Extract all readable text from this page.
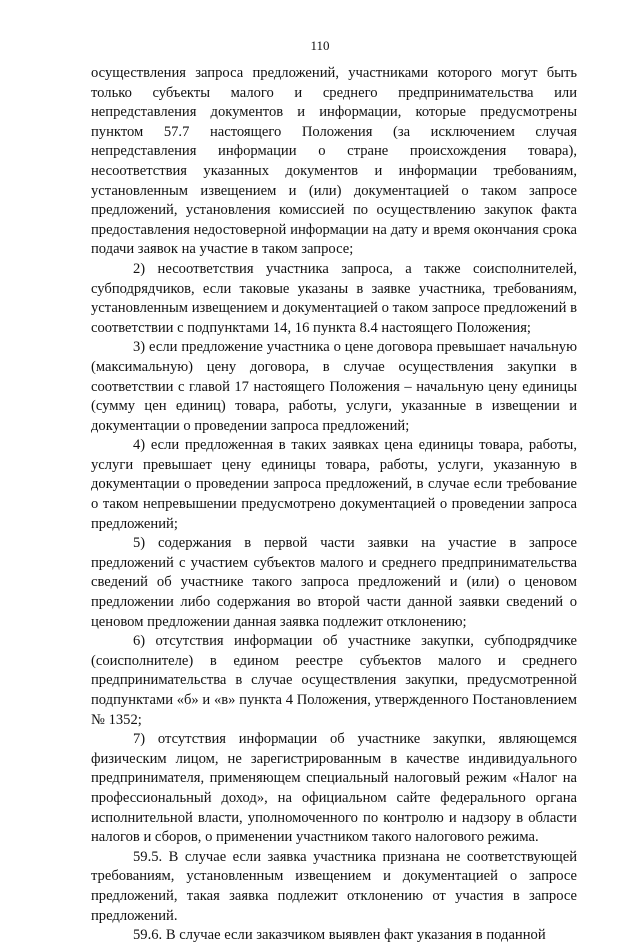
110

осуществления запроса предложений, участниками которого могут быть только субъекты малого и среднего предпринимательства или непредставления документов и информации, которые предусмотрены пунктом 57.7 настоящего Положения (за исключением случая непредставления информации о стране происхождения товара), несоответствия указанных документов и информации требованиям, установленным извещением и (или) документацией о таком запросе предложений, установления комиссией по осуществлению закупок факта предоставления недостоверной информации на дату и время окончания срока подачи заявок на участие в таком запросе;

2) несоответствия участника запроса, а также соисполнителей, субподрядчиков, если таковые указаны в заявке участника, требованиям, установленным извещением и документацией о таком запросе предложений в соответствии с подпунктами 14, 16 пункта 8.4 настоящего Положения;

3) если предложение участника о цене договора превышает начальную (максимальную) цену договора, в случае осуществления закупки в соответствии с главой 17 настоящего Положения – начальную цену единицы (сумму цен единиц) товара, работы, услуги, указанные в извещении и документации о проведении запроса предложений;

4) если предложенная в таких заявках цена единицы товара, работы, услуги превышает цену единицы товара, работы, услуги, указанную в документации о проведении запроса предложений, в случае если требование о таком непревышении предусмотрено документацией о проведении запроса предложений;

5) содержания в первой части заявки на участие в запросе предложений с участием субъектов малого и среднего предпринимательства сведений об участнике такого запроса предложений и (или) о ценовом предложении либо содержания во второй части данной заявки сведений о ценовом предложении данная заявка подлежит отклонению;

6) отсутствия информации об участнике закупки, субподрядчике (соисполнителе) в едином реестре субъектов малого и среднего предпринимательства в случае осуществления закупки, предусмотренной подпунктами «б» и «в» пункта 4 Положения, утвержденного Постановлением № 1352;

7) отсутствия информации об участнике закупки, являющемся физическим лицом, не зарегистрированным в качестве индивидуального предпринимателя, применяющем специальный налоговый режим «Налог на профессиональный доход», на официальном сайте федерального органа исполнительной власти, уполномоченного по контролю и надзору в области налогов и сборов, о применении участником такого налогового режима.

59.5. В случае если заявка участника признана не соответствующей требованиям, установленным извещением и документацией о запросе предложений, такая заявка подлежит отклонению от участия в запросе предложений.

59.6. В случае если заказчиком выявлен факт указания в поданной
